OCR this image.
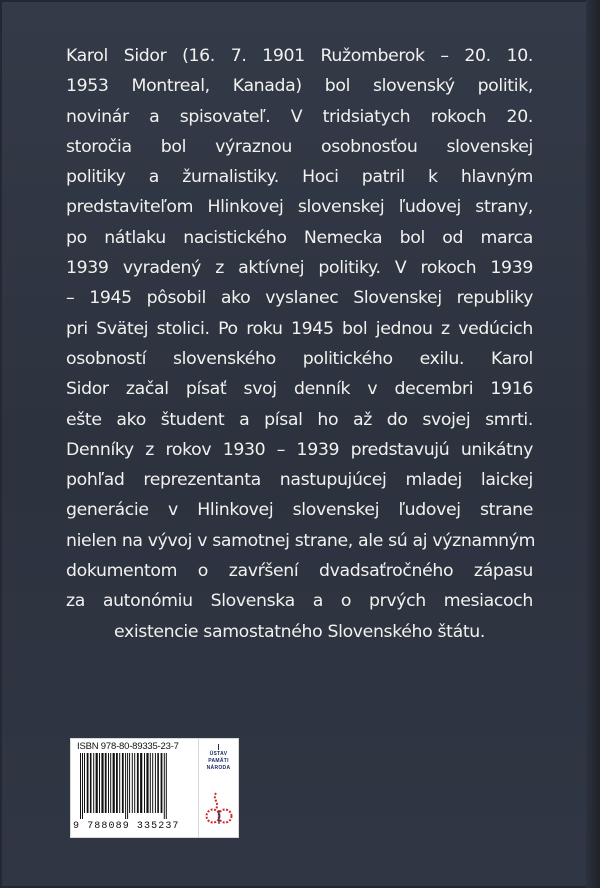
Karol Sidor (16. 7. 1901 Ružomberok – 20. 10.
1953 Montreal, Kanada) bol slovenský politik,
novinár a spisovateľ. V tridsiatych rokoch 20.
storočia bol výraznou osobnosťou slovenskej
politiky a žurnalistiky. Hoci patril k hlavným
predstaviteľom Hlinkovej slovenskej ľudovej strany,
po nátlaku nacistického Nemecka bol od marca
1939 vyradený z aktívnej politiky. V rokoch 1939
– 1945 pôsobil ako vyslanec Slovenskej republiky
pri Svätej stolici. Po roku 1945 bol jednou z vedúcich
osobností slovenského politického exilu. Karol
Sidor začal písať svoj denník v decembri 1916
ešte ako študent a písal ho až do svojej smrti.
Denníky z rokov 1930 – 1939 predstavujú unikátny
pohľad reprezentanta nastupujúcej mladej laickej
generácie v Hlinkovej slovenskej ľudovej strane
nielen na vývoj v samotnej strane, ale sú aj významným
dokumentom o zavŕšení dvadsaťročného zápasu
za autonómiu Slovenska a o prvých mesiacoch
existencie samostatného Slovenského štátu.
ISBN 978-80-89335-23-7
9 788089 335237
ÚSTAV
PAMÄTI
NÁRODA
